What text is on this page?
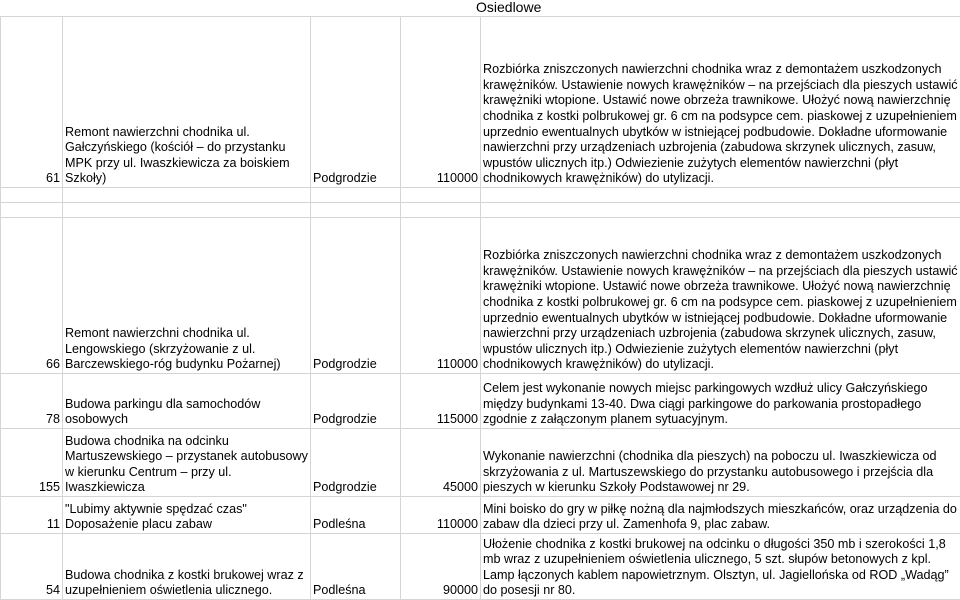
Osiedlowe
61	Remont nawierzchni chodnika ul. Gałczyńskiego (kościół – do przystanku MPK przy ul. Iwaszkiewicza za boiskiem Szkoły)	Podgrodzie	110000	Rozbiórka zniszczonych nawierzchni chodnika wraz z demontażem uszkodzonych krawężników. Ustawienie nowych krawężników – na przejściach dla pieszych ustawić krawężniki wtopione. Ustawić nowe obrzeża trawnikowe. Ułożyć nową nawierzchnię chodnika z kostki polbrukowej gr. 6 cm na podsypce cem. piaskowej z uzupełnieniem uprzednio ewentualnych ubytków w istniejącej podbudowie. Dokładne uformowanie nawierzchni przy urządzeniach uzbrojenia (zabudowa skrzynek ulicznych, zasuw, wpustów ulicznych itp.) Odwiezienie zużytych elementów nawierzchni (płyt chodnikowych krawężników) do utylizacji.

66	Remont nawierzchni chodnika ul. Lengowskiego (skrzyżowanie z ul. Barczewskiego-róg budynku Pożarnej)	Podgrodzie	110000	Rozbiórka zniszczonych nawierzchni chodnika wraz z demontażem uszkodzonych krawężników. Ustawienie nowych krawężników – na przejściach dla pieszych ustawić krawężniki wtopione. Ustawić nowe obrzeża trawnikowe. Ułożyć nową nawierzchnię chodnika z kostki polbrukowej gr. 6 cm na podsypce cem. piaskowej z uzupełnieniem uprzednio ewentualnych ubytków w istniejącej podbudowie. Dokładne uformowanie nawierzchni przy urządzeniach uzbrojenia (zabudowa skrzynek ulicznych, zasuw, wpustów ulicznych itp.) Odwiezienie zużytych elementów nawierzchni (płyt chodnikowych krawężników) do utylizacji.
78	Budowa parkingu dla samochodów osobowych	Podgrodzie	115000	Celem jest wykonanie nowych miejsc parkingowych wzdłuż ulicy Gałczyńskiego między budynkami 13-40. Dwa ciągi parkingowe do parkowania prostopadłego zgodnie z załączonym planem sytuacyjnym.
155	Budowa chodnika na odcinku Martuszewskiego – przystanek autobusowy w kierunku Centrum – przy ul. Iwaszkiewicza	Podgrodzie	45000	Wykonanie nawierzchni (chodnika dla pieszych) na poboczu ul. Iwaszkiewicza od skrzyżowania z ul. Martuszewskiego do przystanku autobusowego i przejścia dla pieszych w kierunku Szkoły Podstawowej nr 29.
11	"Lubimy aktywnie spędzać czas" Doposażenie placu zabaw	Podleśna	110000	Mini boisko do gry w piłkę nożną dla najmłodszych mieszkańców, oraz urządzenia do zabaw dla dzieci przy ul. Zamenhofa 9, plac zabaw.
54	Budowa chodnika z kostki brukowej wraz z uzupełnieniem oświetlenia ulicznego.	Podleśna	90000	Ułożenie chodnika z kostki brukowej na odcinku o długości 350 mb i szerokości 1,8 mb wraz z uzupełnieniem oświetlenia ulicznego, 5 szt. słupów betonowych z kpl. Lamp łączonych kablem napowietrznym. Olsztyn, ul. Jagiellońska od ROD „Wadąg” do posesji nr 80.
